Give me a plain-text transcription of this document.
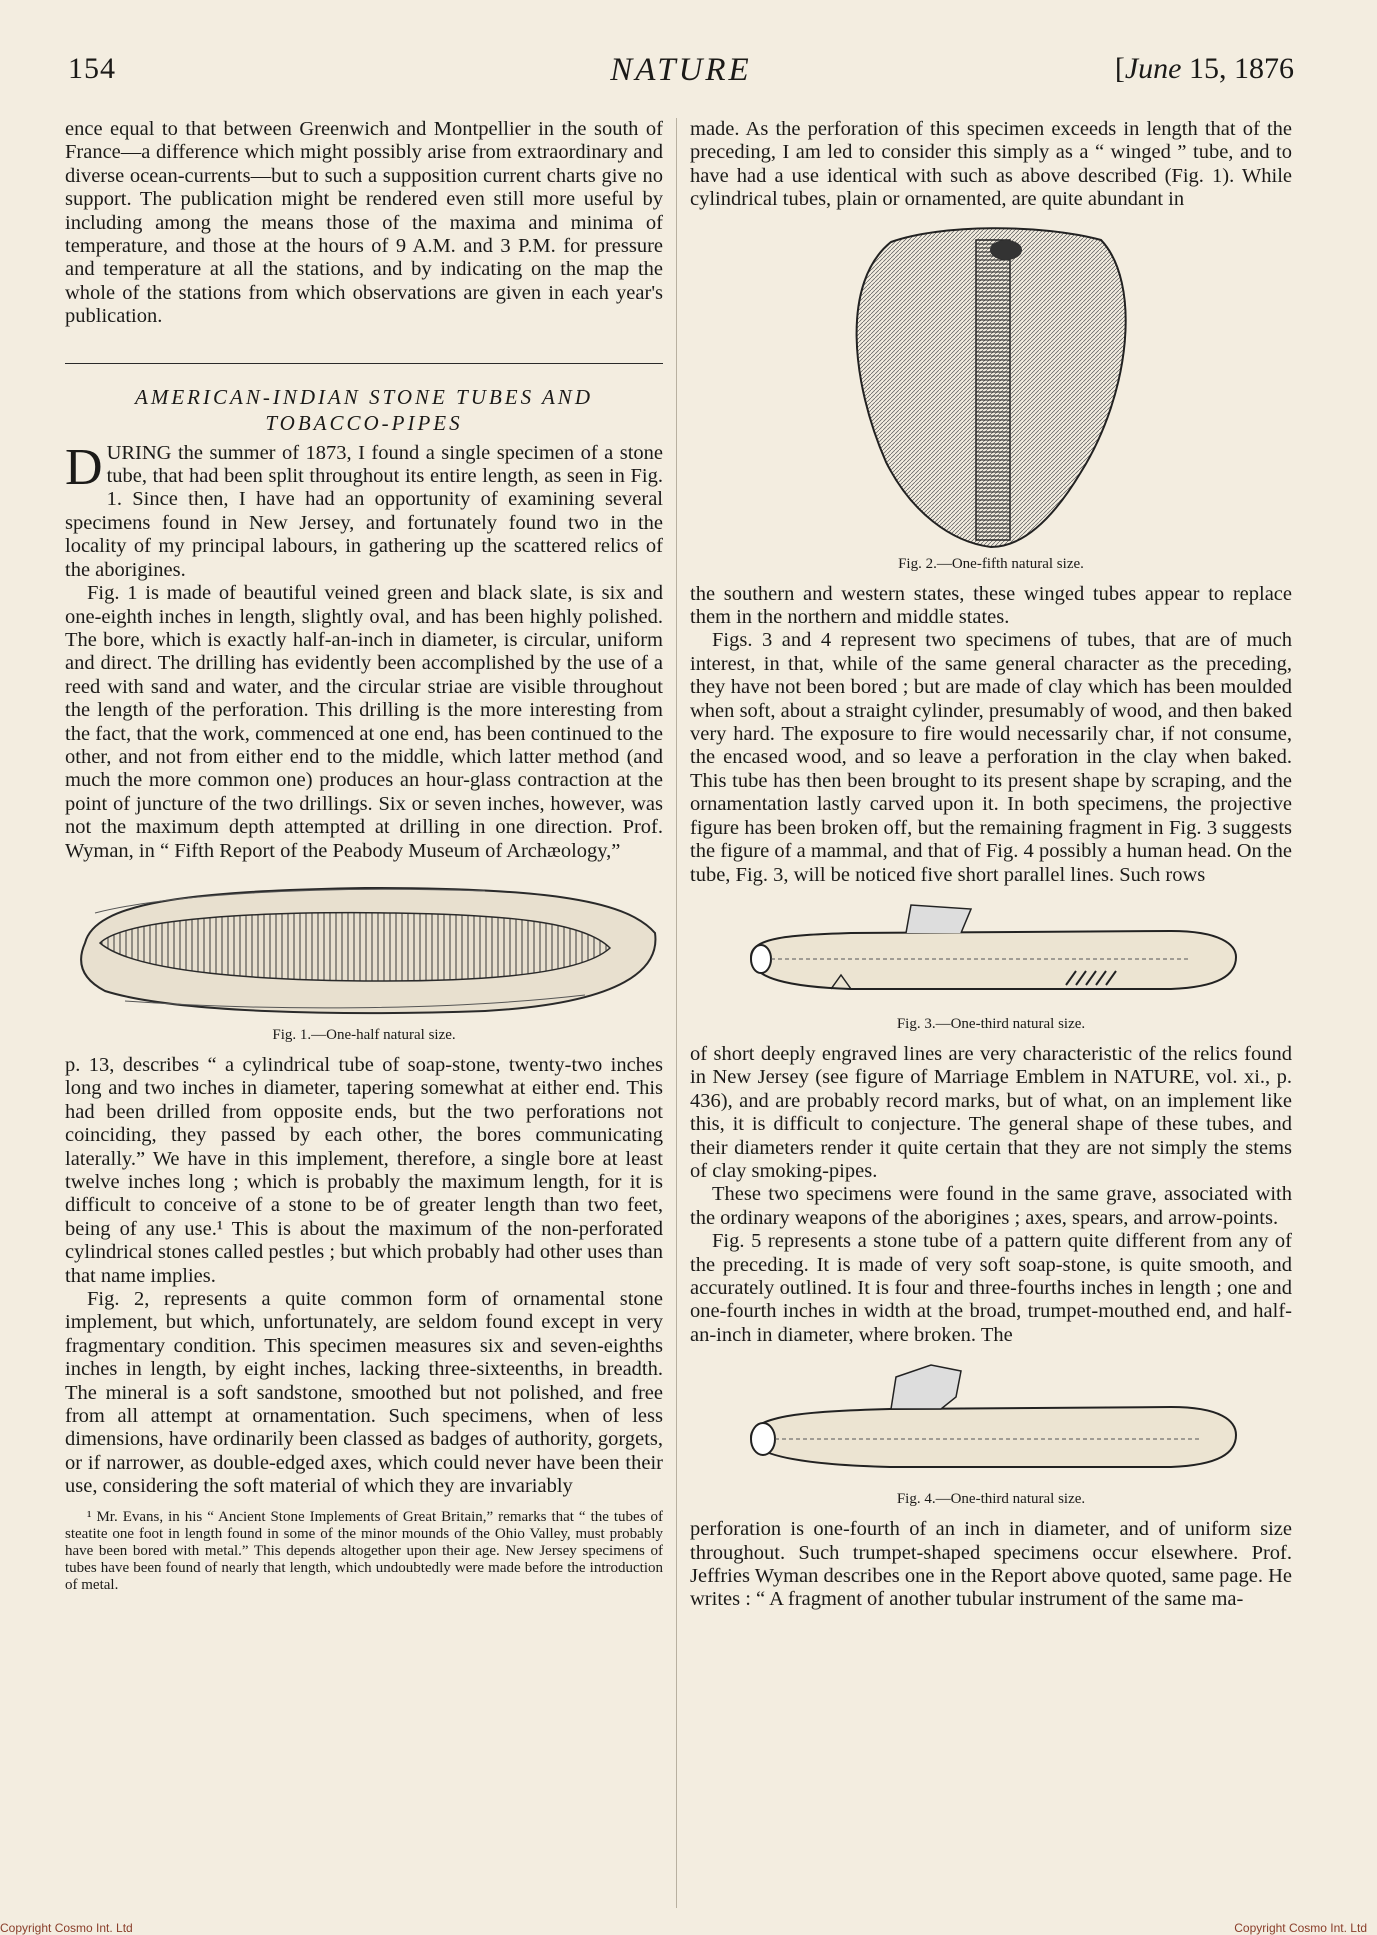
154	NATURE	[June 15, 1876

ence equal to that between Greenwich and Montpellier in the south of France—a difference which might possibly arise from extraordinary and diverse ocean-currents—but to such a supposition current charts give no support. The publication might be rendered even still more useful by including among the means those of the maxima and minima of temperature, and those at the hours of 9 A.M. and 3 P.M. for pressure and temperature at all the stations, and by indicating on the map the whole of the stations from which observations are given in each year's publication.

AMERICAN-INDIAN STONE TUBES AND
TOBACCO-PIPES

DURING the summer of 1873, I found a single specimen of a stone tube, that had been split throughout its entire length, as seen in Fig. 1. Since then, I have had an opportunity of examining several specimens found in New Jersey, and fortunately found two in the locality of my principal labours, in gathering up the scattered relics of the aborigines.

Fig. 1 is made of beautiful veined green and black slate, is six and one-eighth inches in length, slightly oval, and has been highly polished. The bore, which is exactly half-an-inch in diameter, is circular, uniform and direct. The drilling has evidently been accomplished by the use of a reed with sand and water, and the circular striae are visible throughout the length of the perforation. This drilling is the more interesting from the fact, that the work, commenced at one end, has been continued to the other, and not from either end to the middle, which latter method (and much the more common one) produces an hour-glass contraction at the point of juncture of the two drillings. Six or seven inches, however, was not the maximum depth attempted at drilling in one direction. Prof. Wyman, in “ Fifth Report of the Peabody Museum of Archæology,”

Fig. 1.—One-half natural size.

p. 13, describes “ a cylindrical tube of soap-stone, twenty-two inches long and two inches in diameter, tapering somewhat at either end. This had been drilled from opposite ends, but the two perforations not coinciding, they passed by each other, the bores communicating laterally.” We have in this implement, therefore, a single bore at least twelve inches long ; which is probably the maximum length, for it is difficult to conceive of a stone to be of greater length than two feet, being of any use.¹ This is about the maximum of the non-perforated cylindrical stones called pestles ; but which probably had other uses than that name implies.

Fig. 2, represents a quite common form of ornamental stone implement, but which, unfortunately, are seldom found except in very fragmentary condition. This specimen measures six and seven-eighths inches in length, by eight inches, lacking three-sixteenths, in breadth. The mineral is a soft sandstone, smoothed but not polished, and free from all attempt at ornamentation. Such specimens, when of less dimensions, have ordinarily been classed as badges of authority, gorgets, or if narrower, as double-edged axes, which could never have been their use, considering the soft material of which they are invariably

¹ Mr. Evans, in his “ Ancient Stone Implements of Great Britain,” remarks that “ the tubes of steatite one foot in length found in some of the minor mounds of the Ohio Valley, must probably have been bored with metal.” This depends altogether upon their age. New Jersey specimens of tubes have been found of nearly that length, which undoubtedly were made before the introduction of metal.

made. As the perforation of this specimen exceeds in length that of the preceding, I am led to consider this simply as a “ winged ” tube, and to have had a use identical with such as above described (Fig. 1). While cylindrical tubes, plain or ornamented, are quite abundant in

Fig. 2.—One-fifth natural size.

the southern and western states, these winged tubes appear to replace them in the northern and middle states.

Figs. 3 and 4 represent two specimens of tubes, that are of much interest, in that, while of the same general character as the preceding, they have not been bored ; but are made of clay which has been moulded when soft, about a straight cylinder, presumably of wood, and then baked very hard. The exposure to fire would necessarily char, if not consume, the encased wood, and so leave a perforation in the clay when baked. This tube has then been brought to its present shape by scraping, and the ornamentation lastly carved upon it. In both specimens, the projective figure has been broken off, but the remaining fragment in Fig. 3 suggests the figure of a mammal, and that of Fig. 4 possibly a human head. On the tube, Fig. 3, will be noticed five short parallel lines. Such rows

Fig. 3.—One-third natural size.

of short deeply engraved lines are very characteristic of the relics found in New Jersey (see figure of Marriage Emblem in NATURE, vol. xi., p. 436), and are probably record marks, but of what, on an implement like this, it is difficult to conjecture. The general shape of these tubes, and their diameters render it quite certain that they are not simply the stems of clay smoking-pipes.

These two specimens were found in the same grave, associated with the ordinary weapons of the aborigines ; axes, spears, and arrow-points.

Fig. 5 represents a stone tube of a pattern quite different from any of the preceding. It is made of very soft soap-stone, is quite smooth, and accurately outlined. It is four and three-fourths inches in length ; one and one-fourth inches in width at the broad, trumpet-mouthed end, and half-an-inch in diameter, where broken. The

Fig. 4.—One-third natural size.

perforation is one-fourth of an inch in diameter, and of uniform size throughout. Such trumpet-shaped specimens occur elsewhere. Prof. Jeffries Wyman describes one in the Report above quoted, same page. He writes : “ A fragment of another tubular instrument of the same ma-

Copyright Cosmo Int. Ltd	Copyright Cosmo Int. Ltd
